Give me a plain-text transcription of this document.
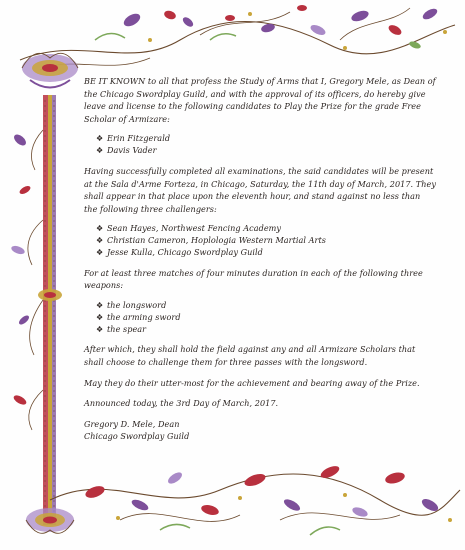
BE IT KNOWN to all that profess the Study of Arms that I, Gregory Mele, as Dean of the Chicago Swordplay Guild, and with the approval of its officers, do hereby give leave and license to the following candidates to Play the Prize for the grade Free Scholar of Armizare:

❖ Erin Fitzgerald
❖ Davis Vader

Having successfully completed all examinations, the said candidates will be present at the Sala d'Arme Forteza, in Chicago, Saturday, the 11th day of March, 2017. They shall appear in that place upon the eleventh hour, and stand against no less than the following three challengers:

❖ Sean Hayes, Northwest Fencing Academy
❖ Christian Cameron, Hoplologia Western Martial Arts
❖ Jesse Kulla, Chicago Swordplay Guild

For at least three matches of four minutes duration in each of the following three weapons:

❖ the longsword
❖ the arming sword
❖ the spear

After which, they shall hold the field against any and all Armizare Scholars that shall choose to challenge them for three passes with the longsword.

May they do their utter-most for the achievement and bearing away of the Prize.

Announced today, the 3rd Day of March, 2017.

Gregory D. Mele, Dean

Chicago Swordplay Guild
